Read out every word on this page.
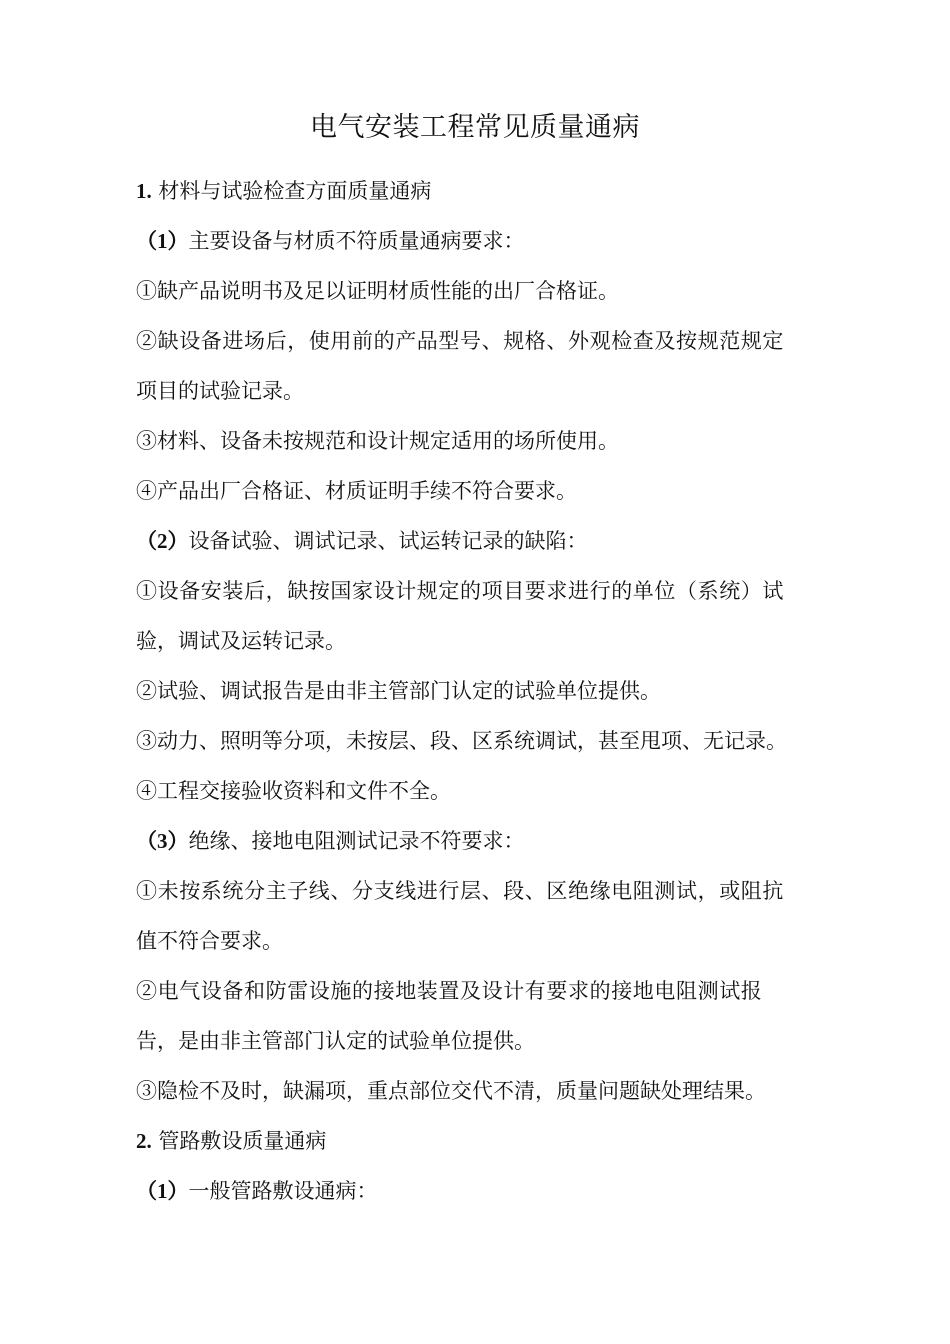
电气安装工程常见质量通病
1. 材料与试验检查方面质量通病
（1）主要设备与材质不符质量通病要求：
①缺产品说明书及足以证明材质性能的出厂合格证。
②缺设备进场后，使用前的产品型号、规格、外观检查及按规范规定
项目的试验记录。
③材料、设备未按规范和设计规定适用的场所使用。
④产品出厂合格证、材质证明手续不符合要求。
（2）设备试验、调试记录、试运转记录的缺陷：
①设备安装后，缺按国家设计规定的项目要求进行的单位（系统）试
验，调试及运转记录。
②试验、调试报告是由非主管部门认定的试验单位提供。
③动力、照明等分项，未按层、段、区系统调试，甚至甩项、无记录。
④工程交接验收资料和文件不全。
（3）绝缘、接地电阻测试记录不符要求：
①未按系统分主子线、分支线进行层、段、区绝缘电阻测试，或阻抗
值不符合要求。
②电气设备和防雷设施的接地装置及设计有要求的接地电阻测试报
告，是由非主管部门认定的试验单位提供。
③隐检不及时，缺漏项，重点部位交代不清，质量问题缺处理结果。
2. 管路敷设质量通病
（1）一般管路敷设通病：
